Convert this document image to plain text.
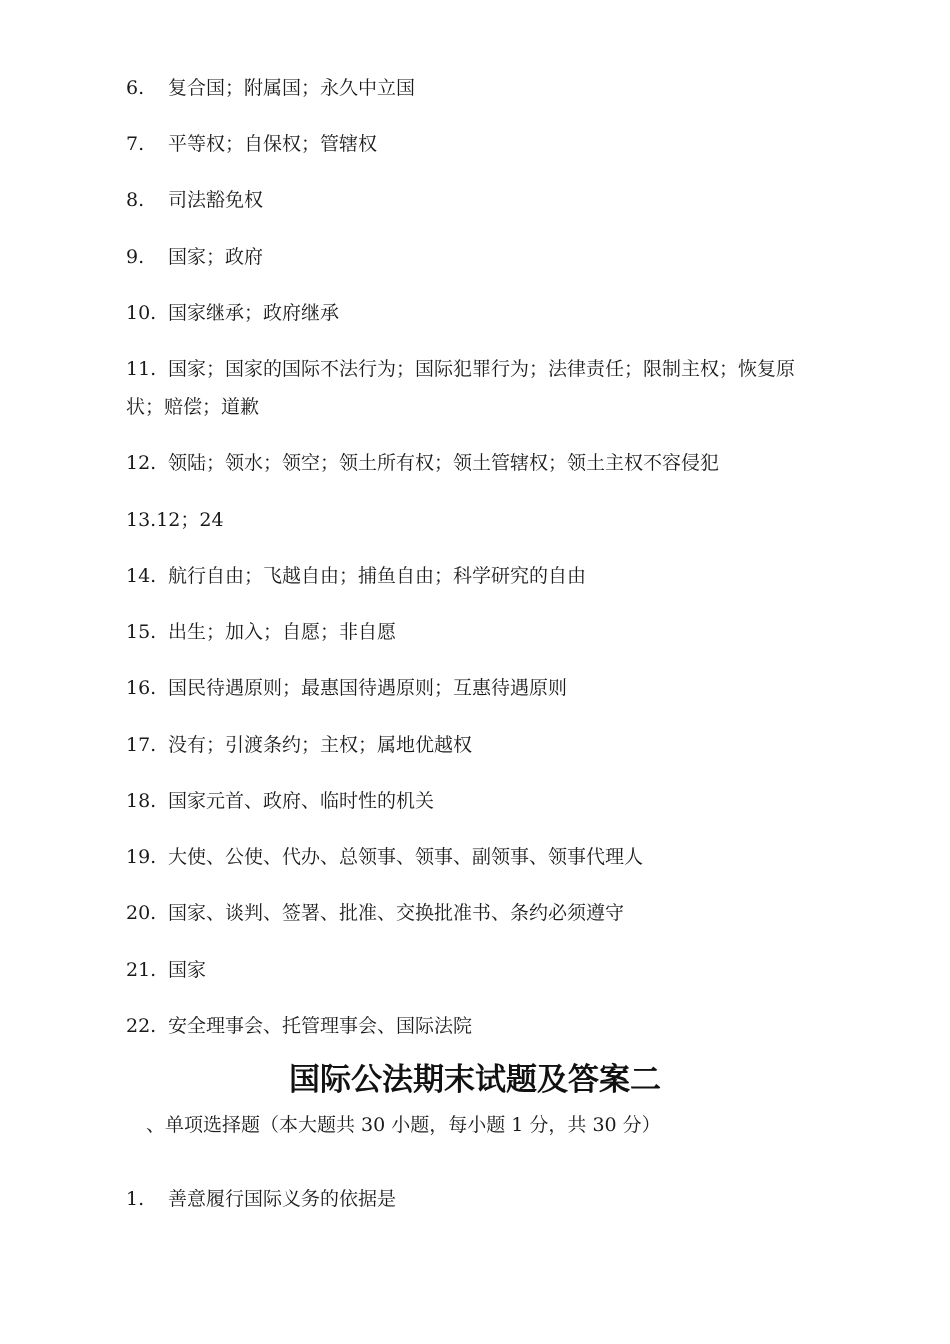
6. 复合国；附属国；永久中立国
7. 平等权；自保权；管辖权
8. 司法豁免权
9. 国家；政府
10. 国家继承；政府继承
11. 国家；国家的国际不法行为；国际犯罪行为；法律责任；限制主权；恢复原状；赔偿；道歉
12. 领陆；领水；领空；领土所有权；领土管辖权；领土主权不容侵犯
13.12；24
14. 航行自由；飞越自由；捕鱼自由；科学研究的自由
15. 出生；加入；自愿；非自愿
16. 国民待遇原则；最惠国待遇原则；互惠待遇原则
17. 没有；引渡条约；主权；属地优越权
18. 国家元首、政府、临时性的机关
19. 大使、公使、代办、总领事、领事、副领事、领事代理人
20. 国家、谈判、签署、批准、交换批准书、条约必须遵守
21. 国家
22. 安全理事会、托管理事会、国际法院
国际公法期末试题及答案二
、单项选择题（本大题共 30 小题，每小题 1 分，共 30 分）
1. 善意履行国际义务的依据是
